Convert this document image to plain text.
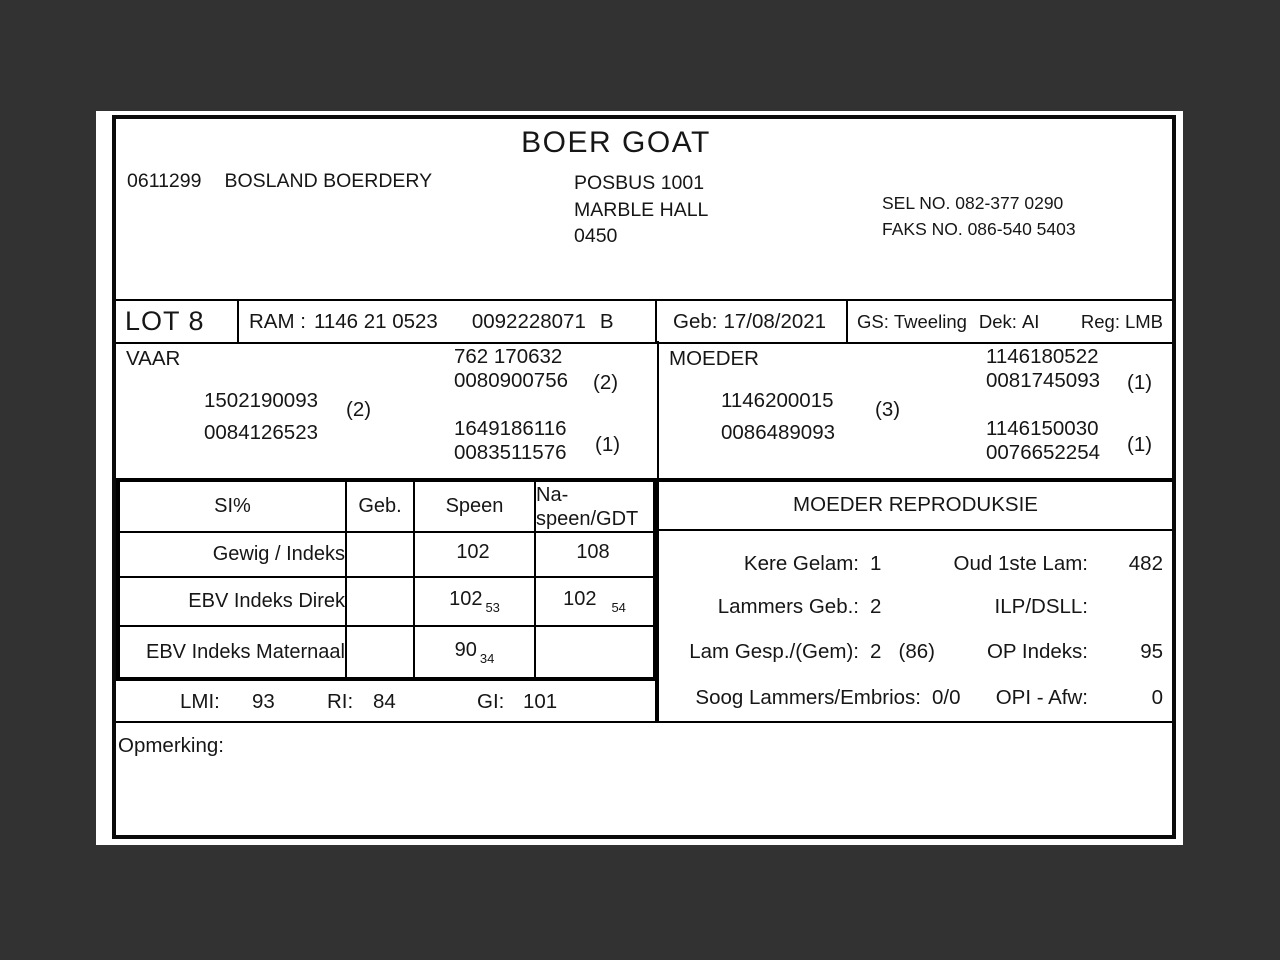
BOER GOAT
0611299 BOSLAND BOERDERY	POSBUS 1001
MARBLE HALL
0450
SEL NO. 082-377 0290
FAKS NO. 086-540 5403
LOT 8 RAM : 1146 21 0523 0092228071 B	Geb: 17/08/2021 GS: Tweeling Dek: AI Reg: LMB
VAAR
1502190093
0084126523
(2)
762 170632
0080900756 (2)
1649186116
0083511576 (1)
MOEDER
1146200015
0086489093
(3)
1146180522
0081745093 (1)
1146150030
0076652254 (1)
SI%	Geb.	Speen	Na-
speen/GDT

Gewig / Indeks		102	108
EBV Indeks Direk		102 $_{53}$	102 $_{54}$
EBV Indeks Maternaal		90 $_{34}$	
LMI: 93	RI: 84	GI: 101
MOEDER REPRODUKSIE
Kere Gelam: 1	Oud 1ste Lam:	482
Lammers Geb.: 2	ILP/DSLL:
Lam Gesp./(Gem): 2   (86)	OP Indeks:	95
Soog Lammers/Embrios: 0/0 OPI - Afw:	0
Opmerking:
